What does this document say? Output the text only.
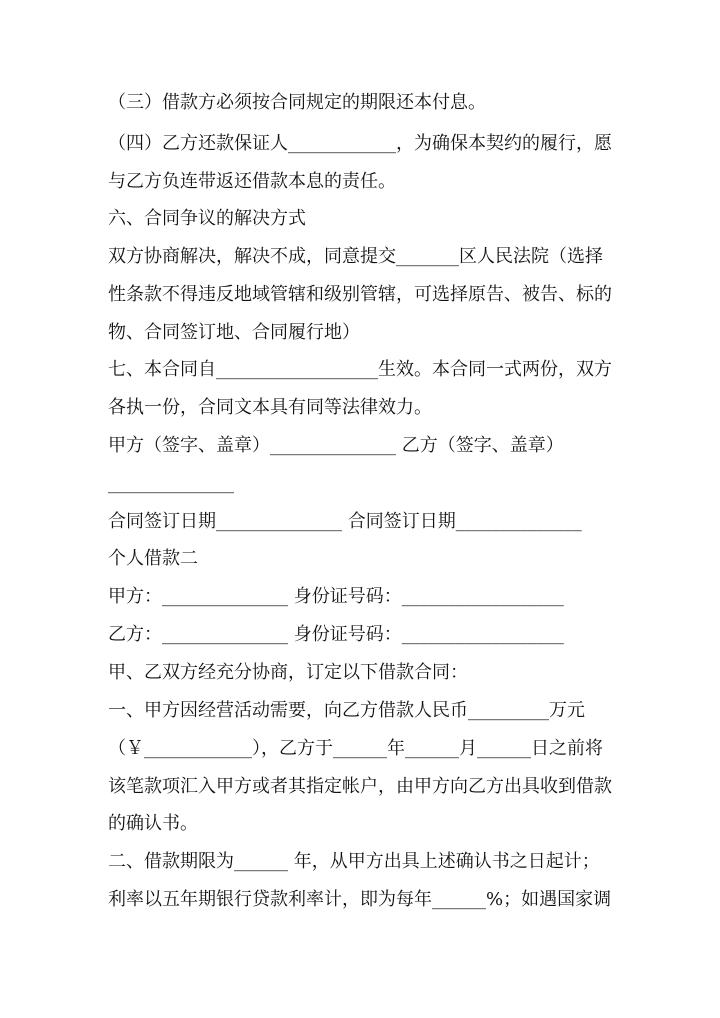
（三）借款方必须按合同规定的期限还本付息。
（四）乙方还款保证人____________，为确保本契约的履行，愿
与乙方负连带返还借款本息的责任。
六、合同争议的解决方式
双方协商解决，解决不成，同意提交_______区人民法院（选择
性条款不得违反地域管辖和级别管辖，可选择原告、被告、标的
物、合同签订地、合同履行地）
七、本合同自__________________生效。本合同一式两份，双方
各执一份，合同文本具有同等法律效力。
甲方（签字、盖章）______________ 乙方（签字、盖章）
______________
合同签订日期______________ 合同签订日期______________
个人借款二
甲方：______________ 身份证号码：__________________
乙方：______________ 身份证号码：__________________
甲、乙双方经充分协商，订定以下借款合同：
一、甲方因经营活动需要，向乙方借款人民币_________万元
（￥____________），乙方于______年______月______日之前将
该笔款项汇入甲方或者其指定帐户，由甲方向乙方出具收到借款
的确认书。
二、借款期限为______ 年，从甲方出具上述确认书之日起计；
利率以五年期银行贷款利率计，即为每年______%；如遇国家调
